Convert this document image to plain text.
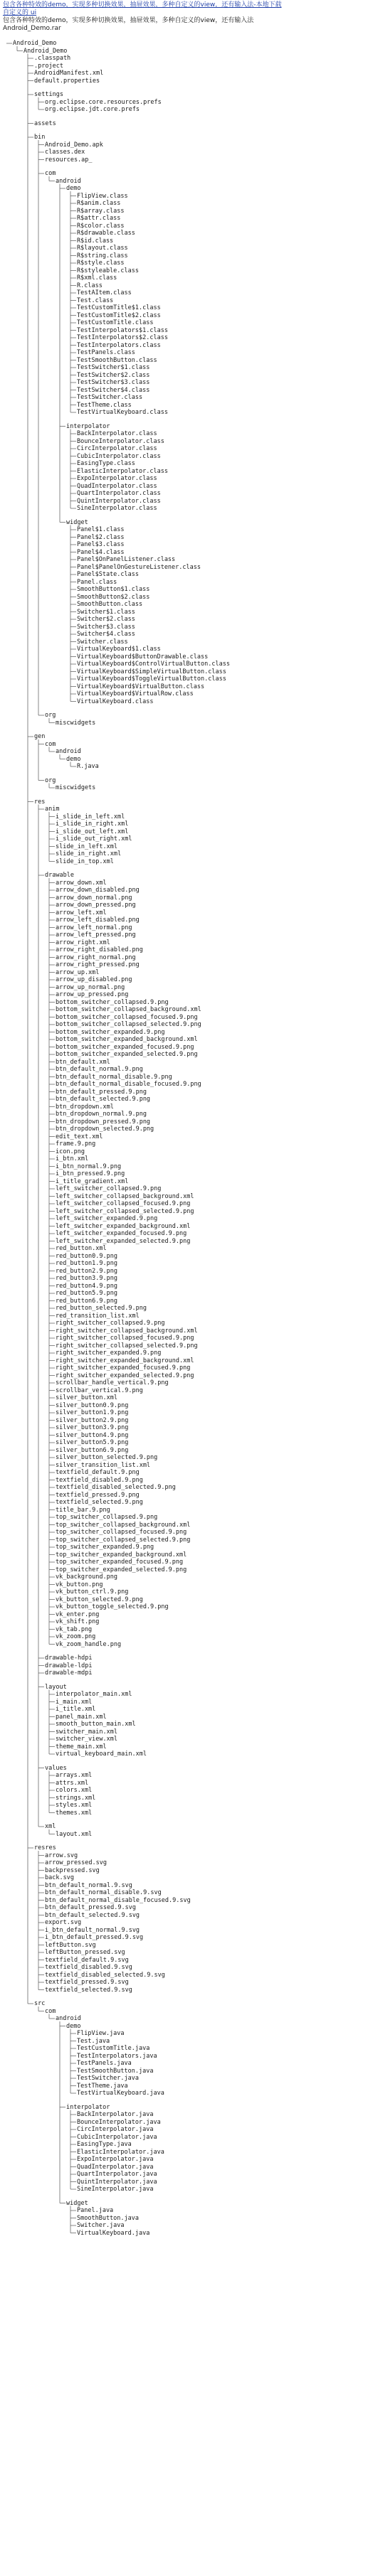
包含各种特效的demo，实现多种切换效果，抽屉效果，多种自定义的view，还有输入法-本地下载
自定义的 ui
包含各种特效的demo，实现多种切换效果，抽屉效果，多种自定义的view，还有输入法
Android_Demo.rar
Android_Demo
Android_Demo
.classpath
.project
AndroidManifest.xml
default.properties
settings
org.eclipse.core.resources.prefs
org.eclipse.jdt.core.prefs
assets
bin
Android_Demo.apk
classes.dex
resources.ap_
com
android
demo
FlipView.class
R$anim.class
R$array.class
R$attr.class
R$color.class
R$drawable.class
R$id.class
R$layout.class
R$string.class
R$style.class
R$styleable.class
R$xml.class
R.class
TestAItem.class
Test.class
TestCustomTitle$1.class
TestCustomTitle$2.class
TestCustomTitle.class
TestInterpolators$1.class
TestInterpolators$2.class
TestInterpolators.class
TestPanels.class
TestSmoothButton.class
TestSwitcher$1.class
TestSwitcher$2.class
TestSwitcher$3.class
TestSwitcher$4.class
TestSwitcher.class
TestTheme.class
TestVirtualKeyboard.class
interpolator
BackInterpolator.class
BounceInterpolator.class
CircInterpolator.class
CubicInterpolator.class
EasingType.class
ElasticInterpolator.class
ExpoInterpolator.class
QuadInterpolator.class
QuartInterpolator.class
QuintInterpolator.class
SineInterpolator.class
widget
Panel$1.class
Panel$2.class
Panel$3.class
Panel$4.class
Panel$OnPanelListener.class
Panel$PanelOnGestureListener.class
Panel$State.class
Panel.class
SmoothButton$1.class
SmoothButton$2.class
SmoothButton.class
Switcher$1.class
Switcher$2.class
Switcher$3.class
Switcher$4.class
Switcher.class
VirtualKeyboard$1.class
VirtualKeyboard$ButtonDrawable.class
VirtualKeyboard$ControlVirtualButton.class
VirtualKeyboard$SimpleVirtualButton.class
VirtualKeyboard$ToggleVirtualButton.class
VirtualKeyboard$VirtualButton.class
VirtualKeyboard$VirtualRow.class
VirtualKeyboard.class
org
miscwidgets
gen
com
android
demo
R.java
org
miscwidgets
res
anim
i_slide_in_left.xml
i_slide_in_right.xml
i_slide_out_left.xml
i_slide_out_right.xml
slide_in_left.xml
slide_in_right.xml
slide_in_top.xml
drawable
arrow_down.xml
arrow_down_disabled.png
arrow_down_normal.png
arrow_down_pressed.png
arrow_left.xml
arrow_left_disabled.png
arrow_left_normal.png
arrow_left_pressed.png
arrow_right.xml
arrow_right_disabled.png
arrow_right_normal.png
arrow_right_pressed.png
arrow_up.xml
arrow_up_disabled.png
arrow_up_normal.png
arrow_up_pressed.png
bottom_switcher_collapsed.9.png
bottom_switcher_collapsed_background.xml
bottom_switcher_collapsed_focused.9.png
bottom_switcher_collapsed_selected.9.png
bottom_switcher_expanded.9.png
bottom_switcher_expanded_background.xml
bottom_switcher_expanded_focused.9.png
bottom_switcher_expanded_selected.9.png
btn_default.xml
btn_default_normal.9.png
btn_default_normal_disable.9.png
btn_default_normal_disable_focused.9.png
btn_default_pressed.9.png
btn_default_selected.9.png
btn_dropdown.xml
btn_dropdown_normal.9.png
btn_dropdown_pressed.9.png
btn_dropdown_selected.9.png
edit_text.xml
frame.9.png
icon.png
i_btn.xml
i_btn_normal.9.png
i_btn_pressed.9.png
i_title_gradient.xml
left_switcher_collapsed.9.png
left_switcher_collapsed_background.xml
left_switcher_collapsed_focused.9.png
left_switcher_collapsed_selected.9.png
left_switcher_expanded.9.png
left_switcher_expanded_background.xml
left_switcher_expanded_focused.9.png
left_switcher_expanded_selected.9.png
red_button.xml
red_button0.9.png
red_button1.9.png
red_button2.9.png
red_button3.9.png
red_button4.9.png
red_button5.9.png
red_button6.9.png
red_button_selected.9.png
red_transition_list.xml
right_switcher_collapsed.9.png
right_switcher_collapsed_background.xml
right_switcher_collapsed_focused.9.png
right_switcher_collapsed_selected.9.png
right_switcher_expanded.9.png
right_switcher_expanded_background.xml
right_switcher_expanded_focused.9.png
right_switcher_expanded_selected.9.png
scrollbar_handle_vertical.9.png
scrollbar_vertical.9.png
silver_button.xml
silver_button0.9.png
silver_button1.9.png
silver_button2.9.png
silver_button3.9.png
silver_button4.9.png
silver_button5.9.png
silver_button6.9.png
silver_button_selected.9.png
silver_transition_list.xml
textfield_default.9.png
textfield_disabled.9.png
textfield_disabled_selected.9.png
textfield_pressed.9.png
textfield_selected.9.png
title_bar.9.png
top_switcher_collapsed.9.png
top_switcher_collapsed_background.xml
top_switcher_collapsed_focused.9.png
top_switcher_collapsed_selected.9.png
top_switcher_expanded.9.png
top_switcher_expanded_background.xml
top_switcher_expanded_focused.9.png
top_switcher_expanded_selected.9.png
vk_background.png
vk_button.png
vk_button_ctrl.9.png
vk_button_selected.9.png
vk_button_toggle_selected.9.png
vk_enter.png
vk_shift.png
vk_tab.png
vk_zoom.png
vk_zoom_handle.png
drawable-hdpi
drawable-ldpi
drawable-mdpi
layout
interpolator_main.xml
i_main.xml
i_title.xml
panel_main.xml
smooth_button_main.xml
switcher_main.xml
switcher_view.xml
theme_main.xml
virtual_keyboard_main.xml
values
arrays.xml
attrs.xml
colors.xml
strings.xml
styles.xml
themes.xml
xml
layout.xml
resres
arrow.svg
arrow_pressed.svg
backpressed.svg
back.svg
btn_default_normal.9.svg
btn_default_normal_disable.9.svg
btn_default_normal_disable_focused.9.svg
btn_default_pressed.9.svg
btn_default_selected.9.svg
export.svg
i_btn_default_normal.9.svg
i_btn_default_pressed.9.svg
leftButton.svg
leftButton_pressed.svg
textfield_default.9.svg
textfield_disabled.9.svg
textfield_disabled_selected.9.svg
textfield_pressed.9.svg
textfield_selected.9.svg
src
com
android
demo
FlipView.java
Test.java
TestCustomTitle.java
TestInterpolators.java
TestPanels.java
TestSmoothButton.java
TestSwitcher.java
TestTheme.java
TestVirtualKeyboard.java
interpolator
BackInterpolator.java
BounceInterpolator.java
CircInterpolator.java
CubicInterpolator.java
EasingType.java
ElasticInterpolator.java
ExpoInterpolator.java
QuadInterpolator.java
QuartInterpolator.java
QuintInterpolator.java
SineInterpolator.java
widget
Panel.java
SmoothButton.java
Switcher.java
VirtualKeyboard.java
